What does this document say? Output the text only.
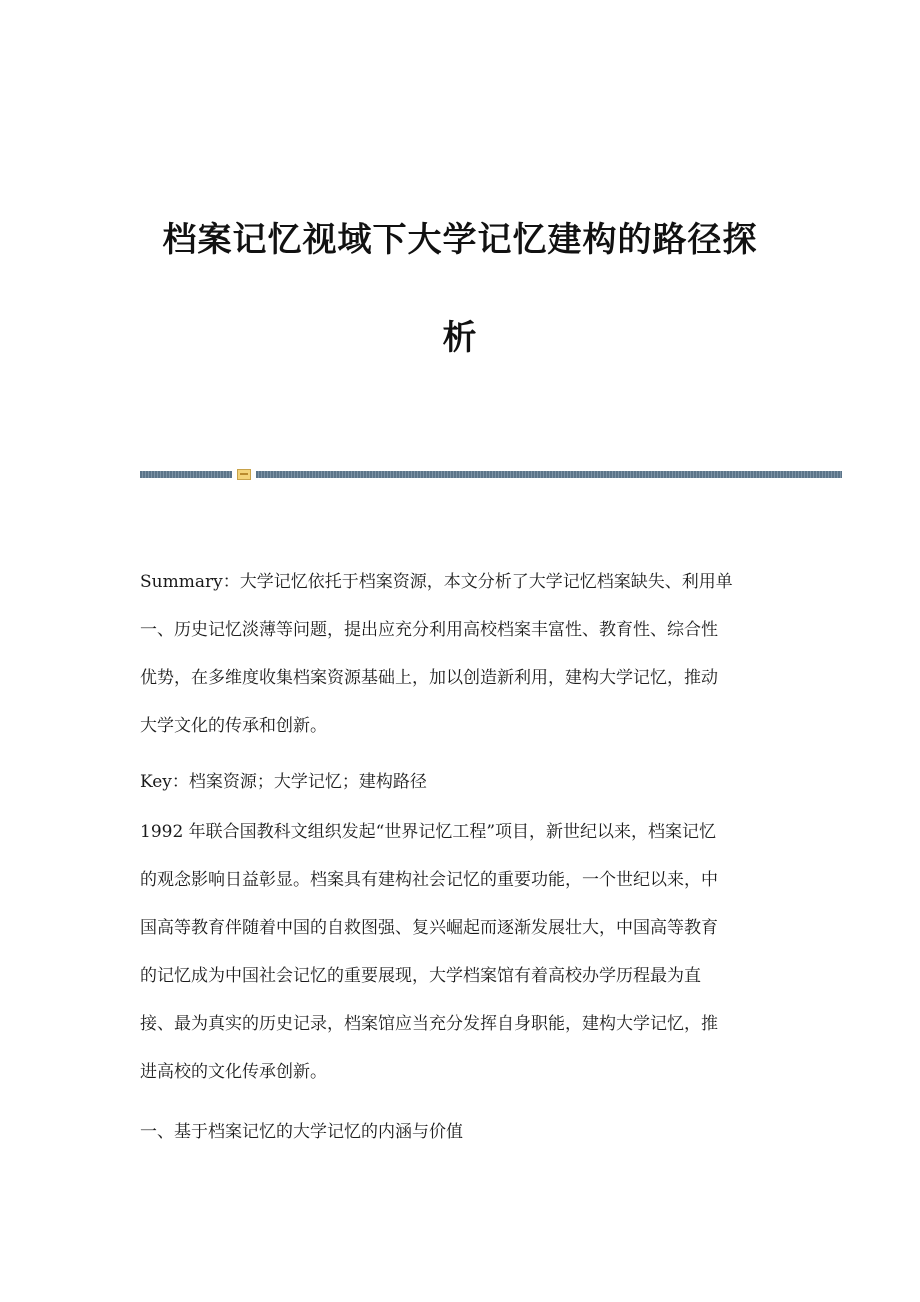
档案记忆视域下大学记忆建构的路径探
析

Summary：大学记忆依托于档案资源，本文分析了大学记忆档案缺失、利用单
一、历史记忆淡薄等问题，提出应充分利用高校档案丰富性、教育性、综合性
优势，在多维度收集档案资源基础上，加以创造新利用，建构大学记忆，推动
大学文化的传承和创新。

Key：档案资源；大学记忆；建构路径

1992 年联合国教科文组织发起“世界记忆工程”项目，新世纪以来，档案记忆
的观念影响日益彰显。档案具有建构社会记忆的重要功能，一个世纪以来，中
国高等教育伴随着中国的自救图强、复兴崛起而逐渐发展壮大，中国高等教育
的记忆成为中国社会记忆的重要展现，大学档案馆有着高校办学历程最为直
接、最为真实的历史记录，档案馆应当充分发挥自身职能，建构大学记忆，推
进高校的文化传承创新。

一、基于档案记忆的大学记忆的内涵与价值
